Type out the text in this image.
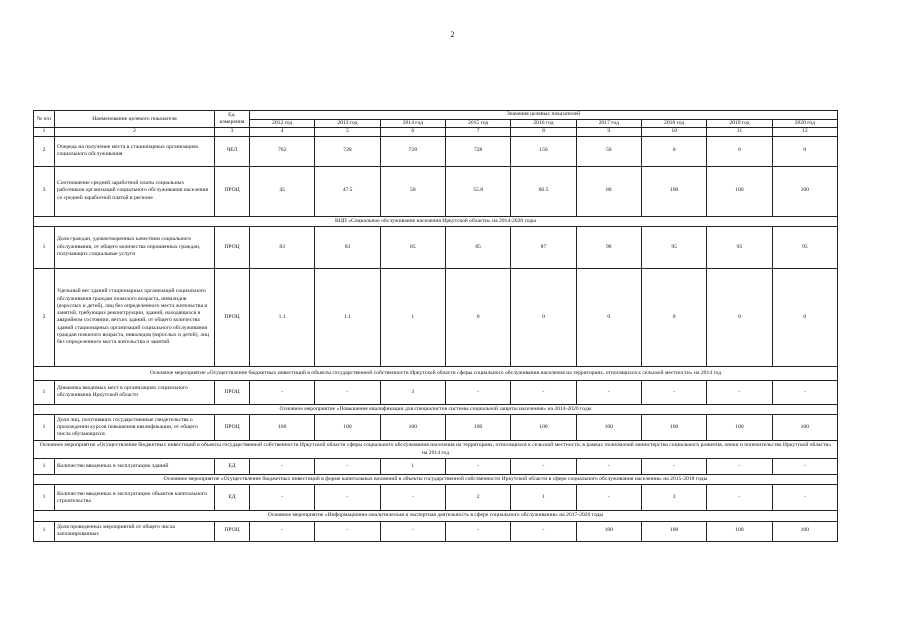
2
№ п/п	Наименование целевого показателя	Ед. измерения	Значения целевых показателей								
			2012 год	2013 год	2014 год	2015 год	2016 год	2017 год	2018 год	2019 год	2020 год
1	2	3	4	5	6	7	8	9	10	11	12
2	Очередь на получение места в стационарных организациях социального обслуживания	ЧЕЛ	762	728	728	728	150	50	0	0	0
3	Соотношение средней заработной платы социальных работников организаций социального обслуживания населения со средней заработной платой в регионе	ПРОЦ	45	47.5	58	55.8	66.5	80	100	100	100
ВЦП «Социальное обслуживание населения Иркутской области» на 2014-2020 годы											
1	Доля граждан, удовлетворенных качеством социального обслуживания, от общего количества опрошенных граждан, получающих социальные услуги	ПРОЦ	83	83	85	85	87	90	95	95	95
2	Удельный вес зданий стационарных организаций социального обслуживания граждан пожилого возраста, инвалидов (взрослых и детей), лиц без определенного места жительства и занятий, требующих реконструкции, зданий, находящихся в аварийном состоянии, ветхих зданий, от общего количества зданий стационарных организаций социального обслуживания граждан пожилого возраста, инвалидов (взрослых и детей), лиц без определенного места жительства и занятий	ПРОЦ	1.1	1.1	1	0	0	0	0	0	0
Основное мероприятие «Осуществление бюджетных инвестиций в объекты государственной собственности Иркутской области сферы социального обслуживания населения на территориях, относящихся к сельской местности» на 2014 год											
1	Динамика вводимых мест в организациях социального обслуживания Иркутской области	ПРОЦ	-	-	3	-	-	-	-	-	-
Основное мероприятие «Повышение квалификации для специалистов системы социальной защиты населения» на 2014-2020 годы											
1	Доля лиц, получивших государственные свидетельства о прохождении курсов повышения квалификации, от общего числа обучающихся	ПРОЦ	100	100	100	100	100	100	100	100	100
Основное мероприятие «Осуществление бюджетных инвестиций в объекты государственной собственности Иркутской области сферы социального обслуживания населения на территориях, относящихся к сельской местности, в рамках полномочий министерства социального развития, опеки и попечительства Иркутской области» на 2014 год											
1	Количество введенных в эксплуатацию зданий	ЕД	-	-	1	-	-	-	-	-	-
Основное мероприятие «Осуществление бюджетных инвестиций в форме капитальных вложений в объекты государственной собственности Иркутской области в сфере социального обслуживания населения» на 2015-2018 годы											
1	Количество введенных в эксплуатацию объектов капитального строительства	ЕД	-	-	-	2	1	-	3	-	-
Основное мероприятие «Информационно-аналитическая и экспертная деятельность в сфере социального обслуживания» на 2017-2020 годы											
1	Доля проведенных мероприятий от общего числа запланированных	ПРОЦ	-	-	-	-	-	100	100	100	100
